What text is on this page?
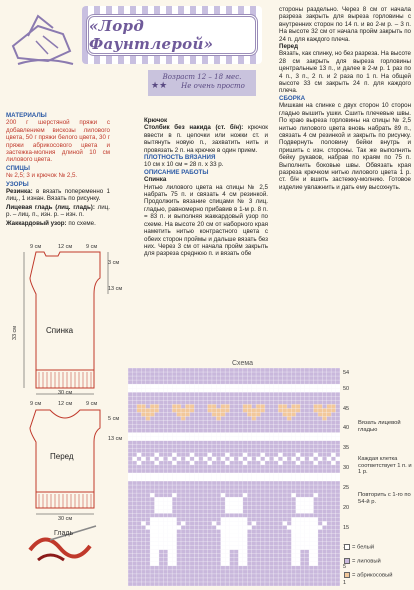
«Лорд Фаунтлерой»
Возраст 12 – 18 мес.
Не очень просто
★★
МАТЕРИАЛЫ

200 г шерстяной пряжи с добавлением вискозы лилового цвета, 50 г пряжи белого цвета, 30 г пряжи абрикосового цвета и застежка-молния длиной 10 см лилового цвета.

СПИЦЫ

№ 2,5; 3 и крючок № 2,5.

УЗОРЫ

Резинка: в вязать попеременно 1 лиц., 1 изнан. Вязать по рисунку.

Лицевая гладь (лиц. гладь): лиц. р. – лиц. п., изн. р. – изн. п.

Жаккардовый узор: по схеме.

Крючок

Столбик без накида (ст. б/н): крючок ввести в п. цепочки или ножки ст. и вытянуть новую п., захватить нить и провязать 2 п. на крючке в один прием.

ПЛОТНОСТЬ ВЯЗАНИЯ

10 см х 10 см = 28 п. х 33 р.

ОПИСАНИЕ РАБОТЫ
Спинка

Нитью лилового цвета на спицы № 2,5 набрать 75 п. и связать 4 см резинкой. Продолжить вязание спицами № 3 лиц. гладью, равномерно прибавив в 1-м р. 8 п. = 83 п. и выполняя жаккардовый узор по схеме. На высоте 20 см от наборного края наметить нитью контрастного цвета с обеих сторон проймы и дальше вязать без них. Через 3 см от начала пройм закрыть для разреза среднюю п. и вязать обе

стороны раздельно. Через 8 см от начала разреза закрыть для выреза горловины с внутренних сторон по 14 п. и во 2-м р. – 3 п. На высоте 32 см от начала пройм закрыть по 24 п. для каждого плеча.

Перед

Вязать, как спинку, но без разреза. На высоте 28 см закрыть для выреза горловины центральные 13 п., и далее в 2-м р. 1 раз по 4 п., 3 п., 2 п. и 2 раза по 1 п. На общей высоте 33 см закрыть 24 п. для каждого плеча.

СБОРКА

Мишкам на спинке с двух сторон 10 сторон гладью вышить ушки. Сшить плечевые швы. По краю выреза горловины на спицы № 2,5 нитью лилового цвета вновь набрать 89 п., связать 4 см резинкой и закрыть по рисунку. Подвернуть половину бейки внутрь и пришить с изн. стороны. Так же выполнить бейку рукавов, набрав по краям по 75 п. Выполнить боковые швы. Обвязать края разреза крючком нитью лилового цвета 1 р. ст. б/н и вшить застежку-молнию. Готовое изделие увлажнить и дать ему высохнуть.

9 см	12 см	9 см
3 см
13 см
33 см	Спинка
30 см
9 см	12 см	9 см
5 см
13 см
Перед
30 см
Гладь
Схема
54
50
45
40
35
30
25
20
15
5
1
Вязать лицевой гладью
Каждая клетка соответствует 1 п. и 1 р.
Повторить с 1-го по 54-й р.
= белый
= лиловый
= абрикосовый
